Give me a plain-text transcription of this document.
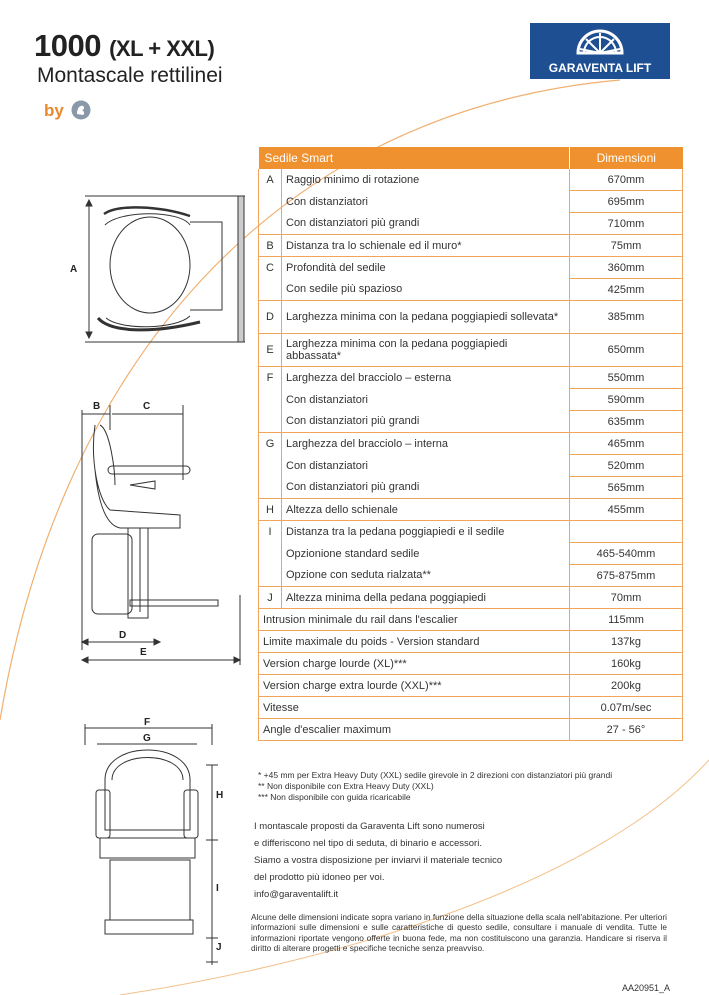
1000 (XL + XXL)
Montascale rettilinei
by
GARAVENTA LIFT
A
B	C
D
E
F
G
H
I
J
Sedile Smart		Dimensioni
A	Raggio minimo di rotazione	670mm
	Con distanziatori	695mm
	Con distanziatori più grandi	710mm
B	Distanza tra lo schienale ed il muro*	75mm
C	Profondità del sedile	360mm
	Con sedile più spazioso	425mm
D	Larghezza minima con la pedana poggiapiedi sollevata*	385mm
E	Larghezza minima con la pedana poggiapiedi abbassata*	650mm
F	Larghezza del bracciolo – esterna	550mm
	Con distanziatori	590mm
	Con distanziatori più grandi	635mm
G	Larghezza del bracciolo – interna	465mm
	Con distanziatori	520mm
	Con distanziatori più grandi	565mm
H	Altezza dello schienale	455mm
I	Distanza tra la pedana poggiapiedi e il sedile	
	Opzionione standard sedile	465-540mm
	Opzione con seduta rialzata**	675-875mm
J	Altezza minima della pedana poggiapiedi	70mm
Intrusion minimale du rail dans l'escalier		115mm
Limite maximale du poids - Version standard		137kg
Version charge lourde (XL)***		160kg
Version charge extra lourde (XXL)***		200kg
Vitesse		0.07m/sec
Angle d'escalier maximum		27 - 56°
* +45 mm per Extra Heavy Duty (XXL) sedile girevole in 2 direzioni con distanziatori più grandi
** Non disponibile con Extra Heavy Duty (XXL)
*** Non disponibile con guida ricaricabile
I montascale proposti da Garaventa Lift sono numerosi
e differiscono nel tipo di seduta, di binario e accessori.
Siamo a vostra disposizione per inviarvi il materiale tecnico
del prodotto più idoneo per voi.
info@garaventalift.it
Alcune delle dimensioni indicate sopra variano in funzione della situazione della scala nell'abitazione. Per ulteriori informazioni sulle dimensioni e sulle caratteristiche di questo sedile, consultare i manuale di vendita. Tutte le informazioni riportate vengono offerte in buona fede, ma non costituiscono una garanzia. Handicare si riserva il diritto di alterare progetti e specifiche tecniche senza preavviso.
AA20951_A
